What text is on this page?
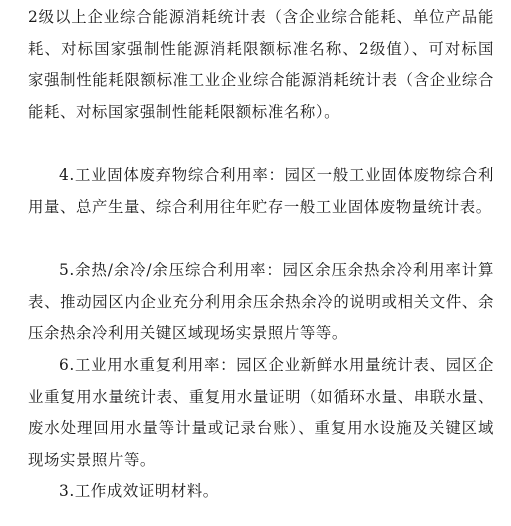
2级以上企业综合能源消耗统计表（含企业综合能耗、单位产品能耗、对标国家强制性能源消耗限额标准名称、2级值）、可对标国家强制性能耗限额标准工业企业综合能源消耗统计表（含企业综合能耗、对标国家强制性能耗限额标准名称）。

4.工业固体废弃物综合利用率：园区一般工业固体废物综合利用量、总产生量、综合利用往年贮存一般工业固体废物量统计表。

5.余热/余冷/余压综合利用率：园区余压余热余冷利用率计算表、推动园区内企业充分利用余压余热余冷的说明或相关文件、余压余热余冷利用关键区域现场实景照片等等。

6.工业用水重复利用率：园区企业新鲜水用量统计表、园区企业重复用水量统计表、重复用水量证明（如循环水量、串联水量、废水处理回用水量等计量或记录台账）、重复用水设施及关键区域现场实景照片等。

3.工作成效证明材料。
